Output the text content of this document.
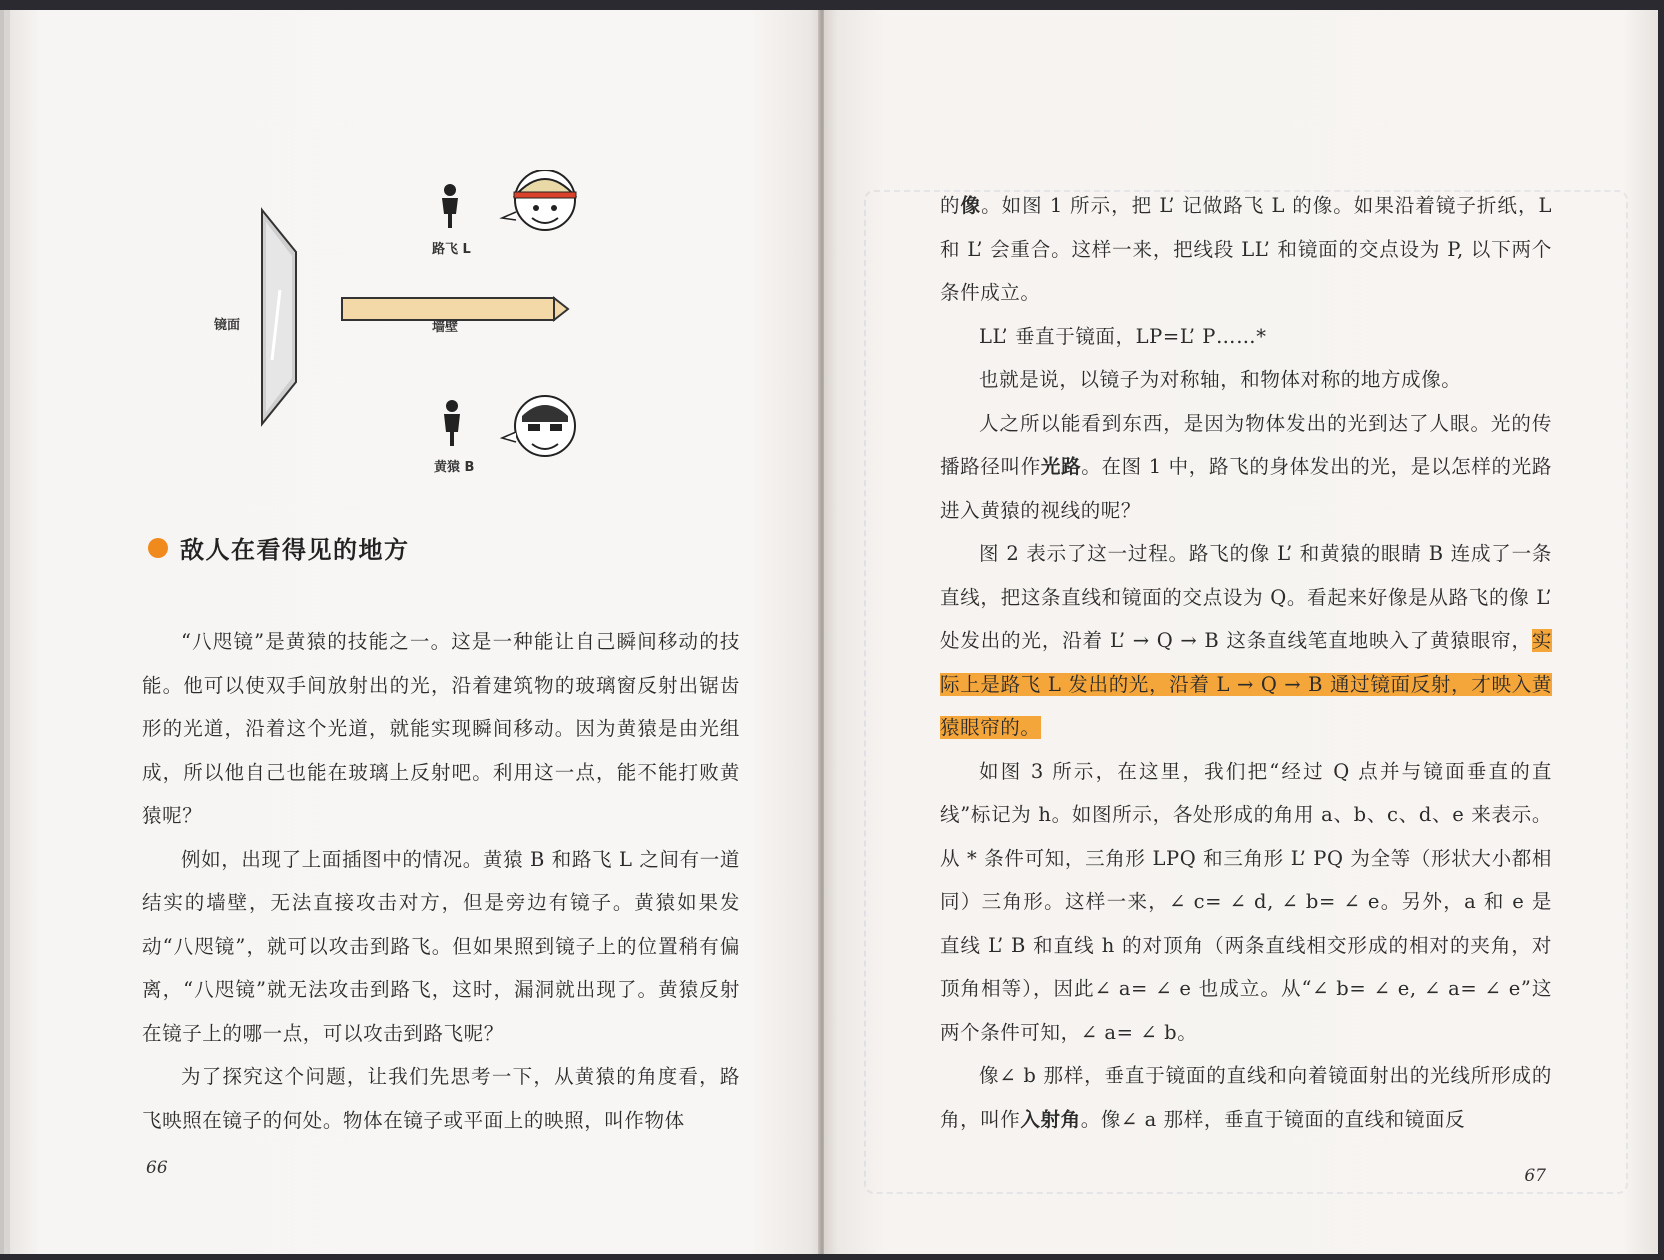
镜面	墙壁
路飞 L
黄猿 B
敌人在看得见的地方

“八咫镜”是黄猿的技能之一。这是一种能让自己瞬间移动的技能。他可以使双手间放射出的光，沿着建筑物的玻璃窗反射出锯齿形的光道，沿着这个光道，就能实现瞬间移动。因为黄猿是由光组成，所以他自己也能在玻璃上反射吧。利用这一点，能不能打败黄猿呢？

例如，出现了上面插图中的情况。黄猿 B 和路飞 L 之间有一道结实的墙壁，无法直接攻击对方，但是旁边有镜子。黄猿如果发动“八咫镜”，就可以攻击到路飞。但如果照到镜子上的位置稍有偏离，“八咫镜”就无法攻击到路飞，这时，漏洞就出现了。黄猿反射在镜子上的哪一点，可以攻击到路飞呢？

为了探究这个问题，让我们先思考一下，从黄猿的角度看，路飞映照在镜子的何处。物体在镜子或平面上的映照，叫作物体

66

的像。如图 1 所示，把 L’ 记做路飞 L 的像。如果沿着镜子折纸，L 和 L’ 会重合。这样一来，把线段 LL’ 和镜面的交点设为 P, 以下两个条件成立。

LL’ 垂直于镜面，LP=L’ P……*

也就是说，以镜子为对称轴，和物体对称的地方成像。

人之所以能看到东西，是因为物体发出的光到达了人眼。光的传播路径叫作光路。在图 1 中，路飞的身体发出的光，是以怎样的光路进入黄猿的视线的呢？

图 2 表示了这一过程。路飞的像 L’ 和黄猿的眼睛 B 连成了一条直线，把这条直线和镜面的交点设为 Q。看起来好像是从路飞的像 L’ 处发出的光，沿着 L’ → Q → B 这条直线笔直地映入了黄猿眼帘，实际上是路飞 L 发出的光，沿着 L → Q → B 通过镜面反射，才映入黄猿眼帘的。

如图 3 所示，在这里，我们把“经过 Q 点并与镜面垂直的直线”标记为 h。如图所示，各处形成的角用 a、b、c、d、e 来表示。从 * 条件可知，三角形 LPQ 和三角形 L’ PQ 为全等（形状大小都相同）三角形。这样一来，∠ c= ∠ d, ∠ b= ∠ e。另外，a 和 e 是直线 L’ B 和直线 h 的对顶角（两条直线相交形成的相对的夹角，对顶角相等），因此∠ a= ∠ e 也成立。从“∠ b= ∠ e, ∠ a= ∠ e”这两个条件可知，∠ a= ∠ b。

像∠ b 那样，垂直于镜面的直线和向着镜面射出的光线所形成的角，叫作入射角。像∠ a 那样，垂直于镜面的直线和镜面反

67
